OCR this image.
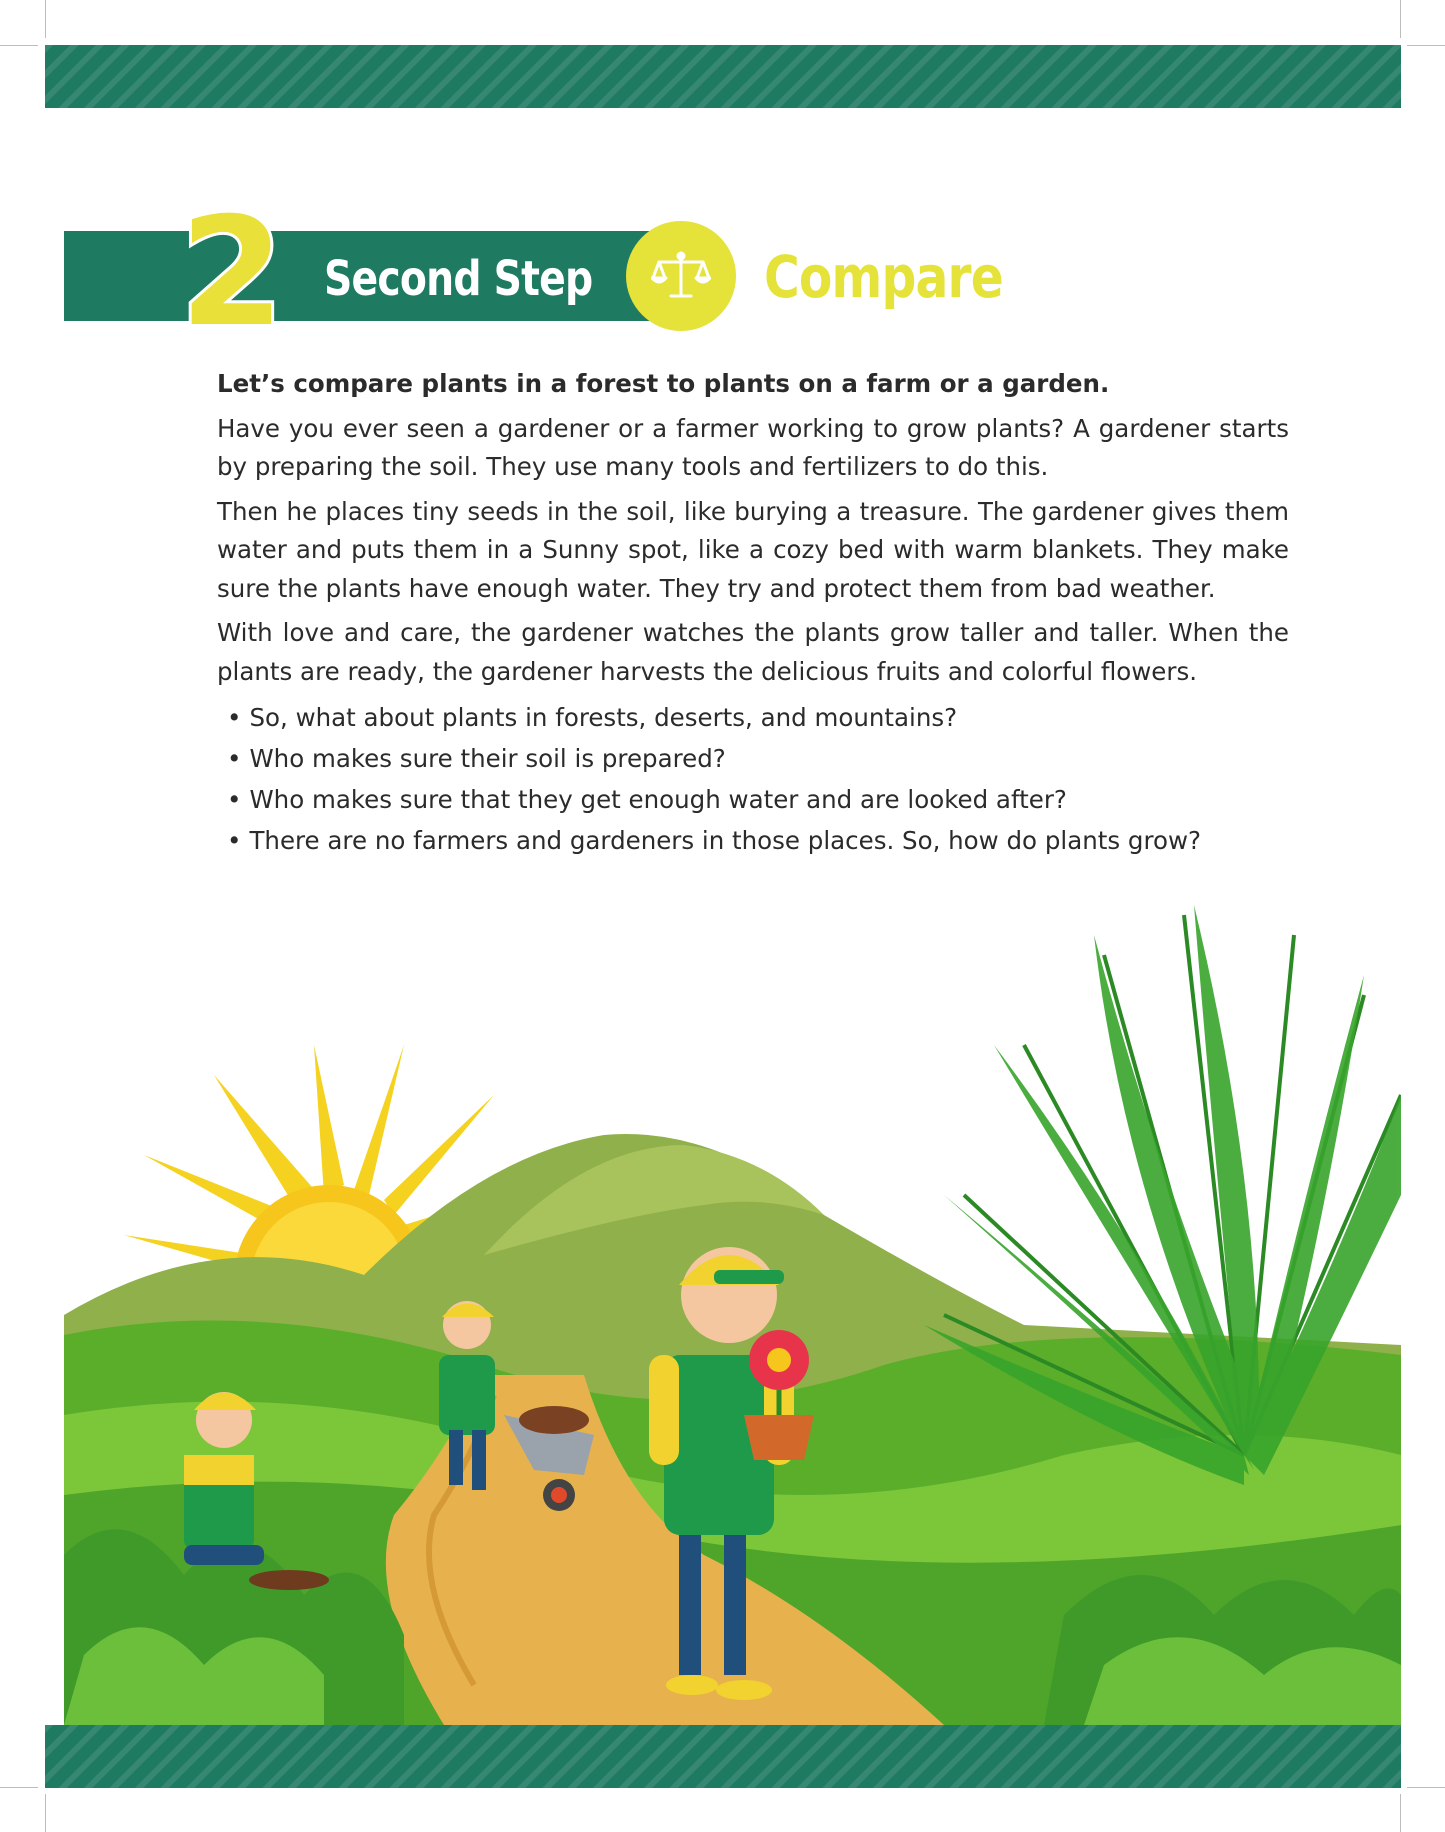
2 Second Step	Compare

Let’s compare plants in a forest to plants on a farm or a garden.

Have you ever seen a gardener or a farmer working to grow plants? A gardener starts by preparing the soil. They use many tools and fertilizers to do this.

Then he places tiny seeds in the soil, like burying a treasure. The gardener gives them water and puts them in a Sunny spot, like a cozy bed with warm blankets. They make sure the plants have enough water. They try and protect them from bad weather.

With love and care, the gardener watches the plants grow taller and taller. When the plants are ready, the gardener harvests the delicious fruits and colorful flowers.

• So, what about plants in forests, deserts, and mountains?
• Who makes sure their soil is prepared?
• Who makes sure that they get enough water and are looked after?
• There are no farmers and gardeners in those places. So, how do plants grow?
